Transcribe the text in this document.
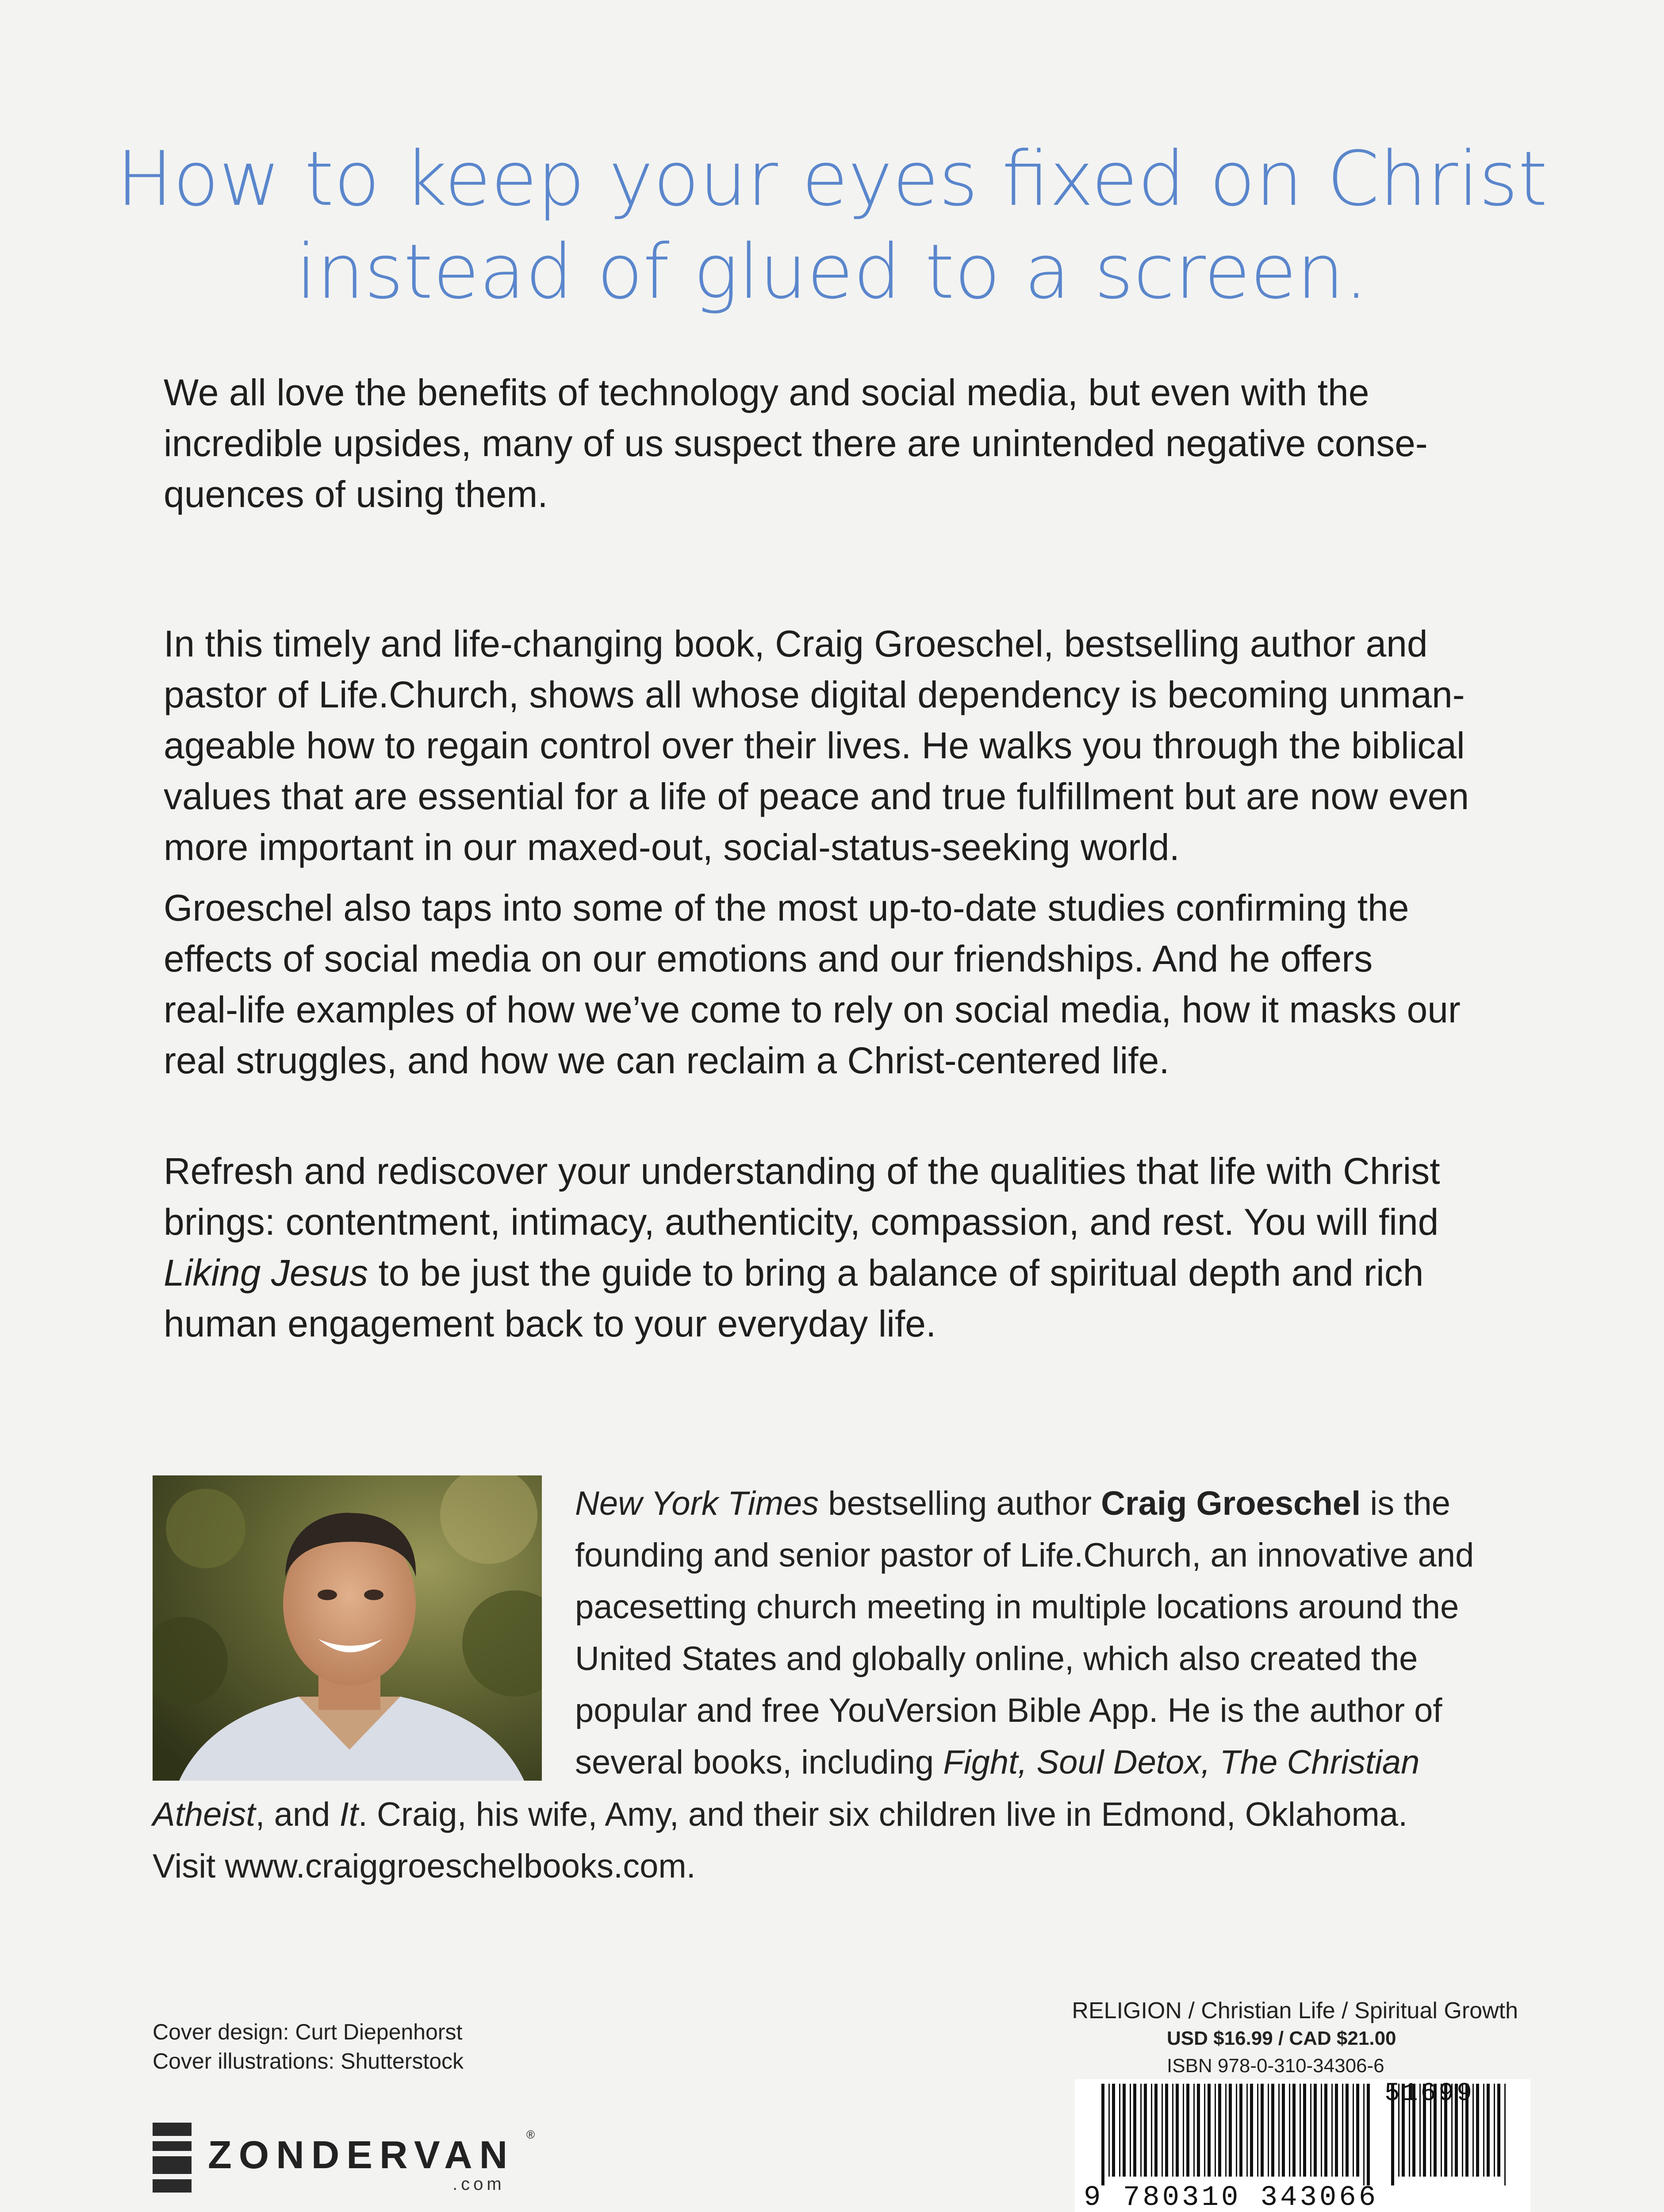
How to keep your eyes fixed on Christ
instead of glued to a screen.
We all love the benefits of technology and social media, but even with the
incredible upsides, many of us suspect there are unintended negative conse-
quences of using them.
In this timely and life-changing book, Craig Groeschel, bestselling author and
pastor of Life.Church, shows all whose digital dependency is becoming unman-
ageable how to regain control over their lives. He walks you through the biblical
values that are essential for a life of peace and true fulfillment but are now even
more important in our maxed-out, social-status-seeking world.
Groeschel also taps into some of the most up-to-date studies confirming the
effects of social media on our emotions and our friendships. And he offers
real-life examples of how we’ve come to rely on social media, how it masks our
real struggles, and how we can reclaim a Christ-centered life.
Refresh and rediscover your understanding of the qualities that life with Christ
brings: contentment, intimacy, authenticity, compassion, and rest. You will find
Liking Jesus to be just the guide to bring a balance of spiritual depth and rich
human engagement back to your everyday life.
New York Times bestselling author Craig Groeschel is the
founding and senior pastor of Life.Church, an innovative and
pacesetting church meeting in multiple locations around the
United States and globally online, which also created the
popular and free YouVersion Bible App. He is the author of
several books, including Fight, Soul Detox, The Christian
Atheist, and It. Craig, his wife, Amy, and their six children live in Edmond, Oklahoma.
Visit www.craiggroeschelbooks.com.
Cover design: Curt Diepenhorst
Cover illustrations: Shutterstock
ZONDERVAN ®
.com
RELIGION / Christian Life / Spiritual Growth
USD $16.99 / CAD $21.00
ISBN 978-0-310-34306-6
9 780310 343066
51699
